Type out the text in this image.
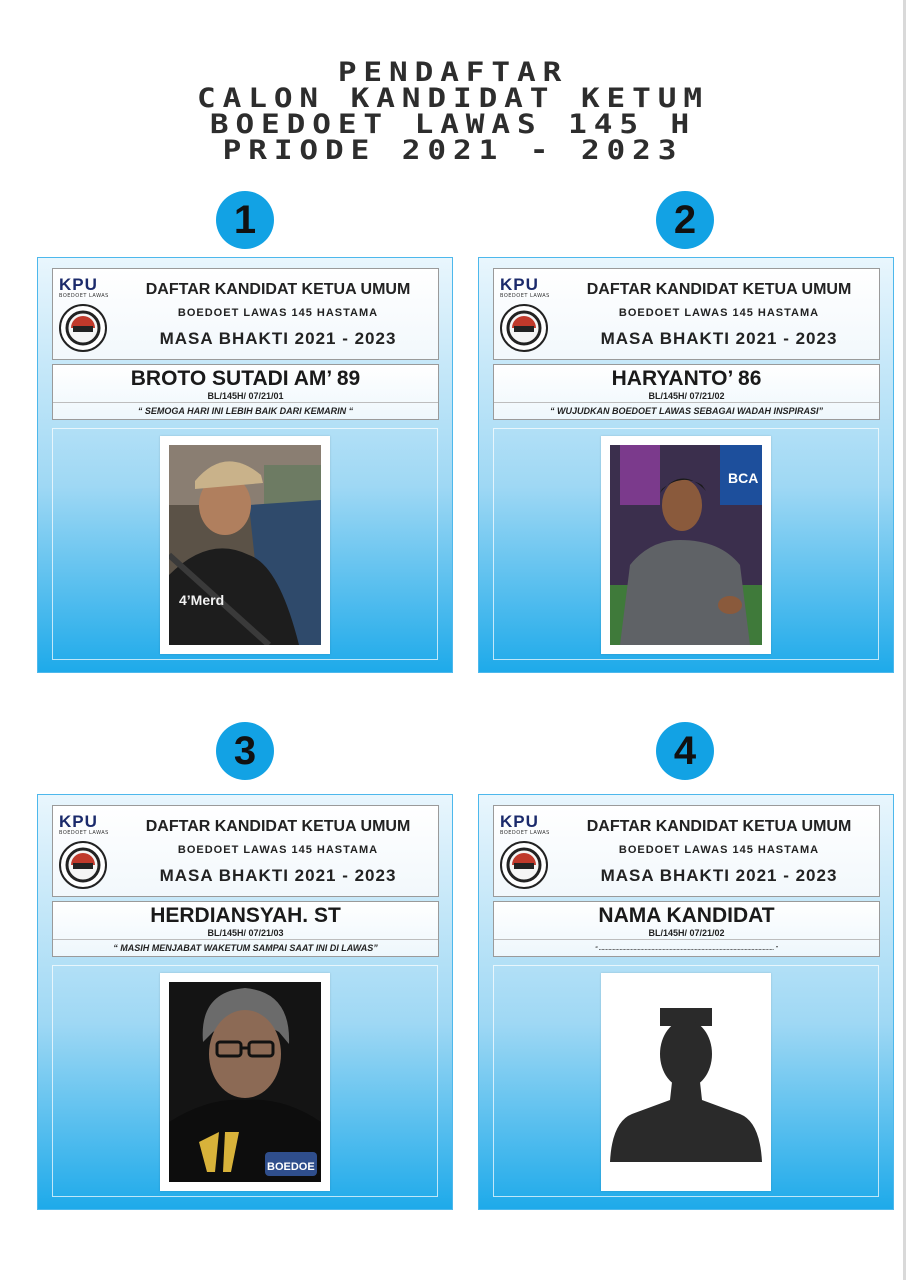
PENDAFTAR
CALON KANDIDAT KETUM
BOEDOET LAWAS 145 H
PRIODE 2021 - 2023
1	2
3	4
KPU
BOEDOET LAWAS	DAFTAR KANDIDAT KETUA UMUM
BOEDOET LAWAS 145 HASTAMA
MASA BHAKTI 2021 - 2023
BROTO SUTADI AM’ 89
BL/145H/ 07/21/01
“ SEMOGA HARI INI LEBIH BAIK DARI KEMARIN “
4’Merd
KPU
BOEDOET LAWAS	DAFTAR KANDIDAT KETUA UMUM
BOEDOET LAWAS 145 HASTAMA
MASA BHAKTI 2021 - 2023
HARYANTO’ 86
BL/145H/ 07/21/02
“ WUJUDKAN BOEDOET LAWAS SEBAGAI WADAH INSPIRASI”
BCA
KPU
BOEDOET LAWAS	DAFTAR KANDIDAT KETUA UMUM
BOEDOET LAWAS 145 HASTAMA
MASA BHAKTI 2021 - 2023
HERDIANSYAH. ST
BL/145H/ 07/21/03
“ MASIH MENJABAT WAKETUM SAMPAI SAAT INI DI LAWAS”
BOEDOE
KPU
BOEDOET LAWAS	DAFTAR KANDIDAT KETUA UMUM
BOEDOET LAWAS 145 HASTAMA
MASA BHAKTI 2021 - 2023
NAMA KANDIDAT
BL/145H/ 07/21/02
“ .............................................................................................................................. ”
